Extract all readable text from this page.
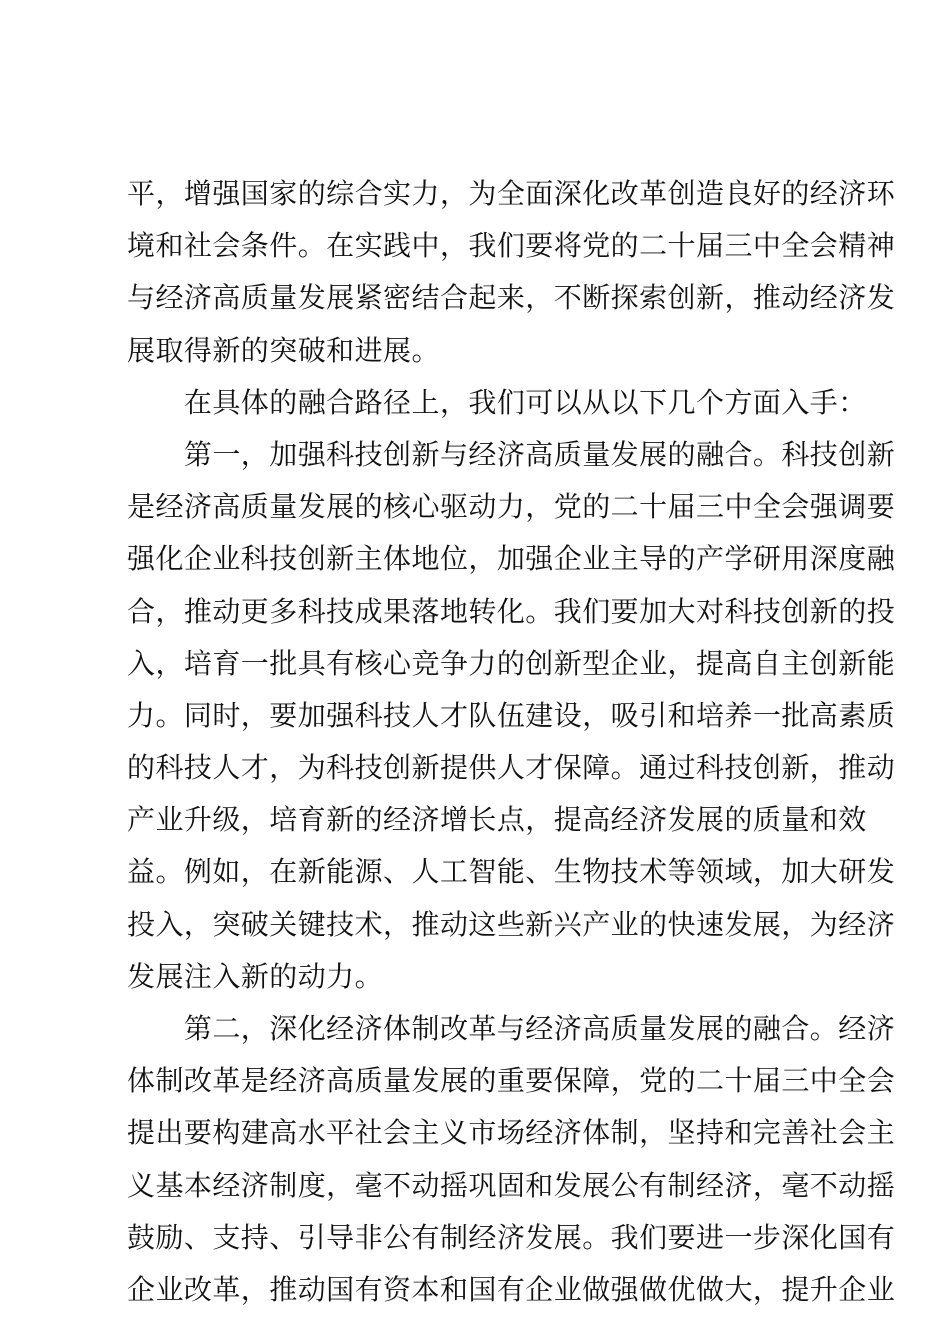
平，增强国家的综合实力，为全面深化改革创造良好的经济环
境和社会条件。在实践中，我们要将党的二十届三中全会精神
与经济高质量发展紧密结合起来，不断探索创新，推动经济发
展取得新的突破和进展。
　　在具体的融合路径上，我们可以从以下几个方面入手：
　　第一，加强科技创新与经济高质量发展的融合。科技创新
是经济高质量发展的核心驱动力，党的二十届三中全会强调要
强化企业科技创新主体地位，加强企业主导的产学研用深度融
合，推动更多科技成果落地转化。我们要加大对科技创新的投
入，培育一批具有核心竞争力的创新型企业，提高自主创新能
力。同时，要加强科技人才队伍建设，吸引和培养一批高素质
的科技人才，为科技创新提供人才保障。通过科技创新，推动
产业升级，培育新的经济增长点，提高经济发展的质量和效
益。例如，在新能源、人工智能、生物技术等领域，加大研发
投入，突破关键技术，推动这些新兴产业的快速发展，为经济
发展注入新的动力。
　　第二，深化经济体制改革与经济高质量发展的融合。经济
体制改革是经济高质量发展的重要保障，党的二十届三中全会
提出要构建高水平社会主义市场经济体制，坚持和完善社会主
义基本经济制度，毫不动摇巩固和发展公有制经济，毫不动摇
鼓励、支持、引导非公有制经济发展。我们要进一步深化国有
企业改革，推动国有资本和国有企业做强做优做大，提升企业
